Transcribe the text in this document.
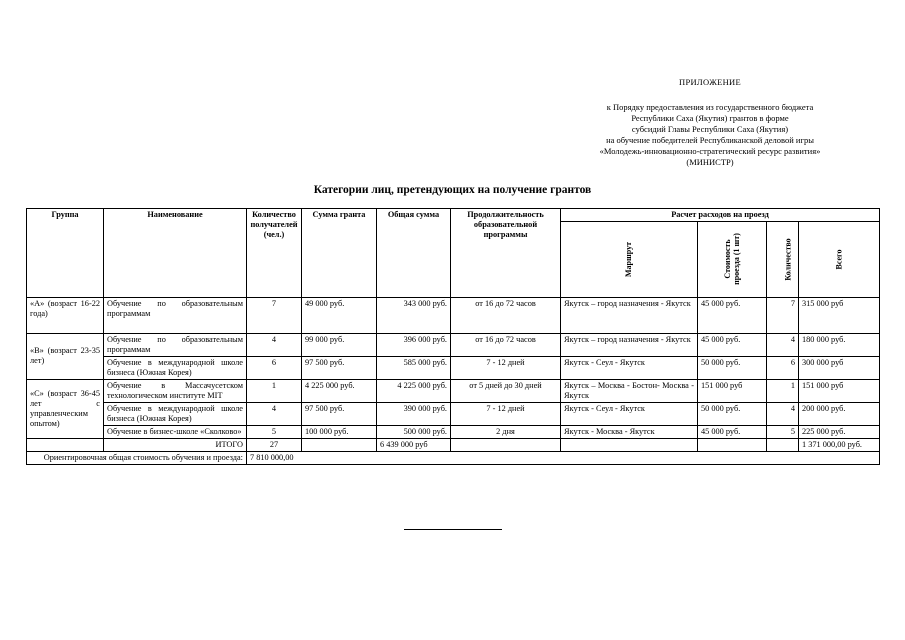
ПРИЛОЖЕНИЕ
к Порядку предоставления из государственного бюджета
Республики Саха (Якутия) грантов в форме
субсидий Главы Республики Саха (Якутия)
на обучение победителей Республиканской деловой игры
«Молодежь-инновационно-стратегический ресурс развития»
(МИНИСТР)
Категории лиц, претендующих на получение грантов
Группа	Наименование	Количество получателей (чел.)	Сумма гранта	Общая сумма	Продолжительность образовательной программы	Расчет расходов на проезд			
						Маршрут	Стоимость проезда (1 шт)	Количество	Всего
«А» (возраст 16-22 года)	Обучение по образовательным программам	7	49 000 руб.	343 000 руб.	от 16 до 72 часов	Якутск – город назначения - Якутск	45 000 руб.	7	315 000 руб
«В» (возраст 23-35 лет)	Обучение по образовательным программам	4	99 000 руб.	396 000 руб.	от 16 до 72 часов	Якутск – город назначения - Якутск	45 000 руб.	4	180 000 руб.
	Обучение в международной школе бизнеса (Южная Корея)	6	97 500 руб.	585 000 руб.	7 - 12 дней	Якутск - Сеул - Якутск	50 000 руб.	6	300 000 руб
«С» (возраст 36-45 лет с управленческим опытом)	Обучение в Массачусетском технологическом институте МIТ	1	4 225 000 руб.	4 225 000 руб.	от 5 дней до 30 дней	Якутск – Москва - Бостон- Москва - Якутск	151 000 руб	1	151 000 руб
	Обучение в международной школе бизнеса (Южная Корея)	4	97 500 руб.	390 000 руб.	7 - 12 дней	Якутск - Сеул - Якутск	50 000 руб.	4	200 000 руб.
	Обучение в бизнес-школе «Сколково»	5	100 000 руб.	500 000 руб.	2 дня	Якутск - Москва - Якутск	45 000 руб.	5	225 000 руб.
	ИТОГО	27		6 439 000 руб					1 371 000,00 руб.
Ориентировочная общая стоимость обучения и проезда:		7 810 000,00							
